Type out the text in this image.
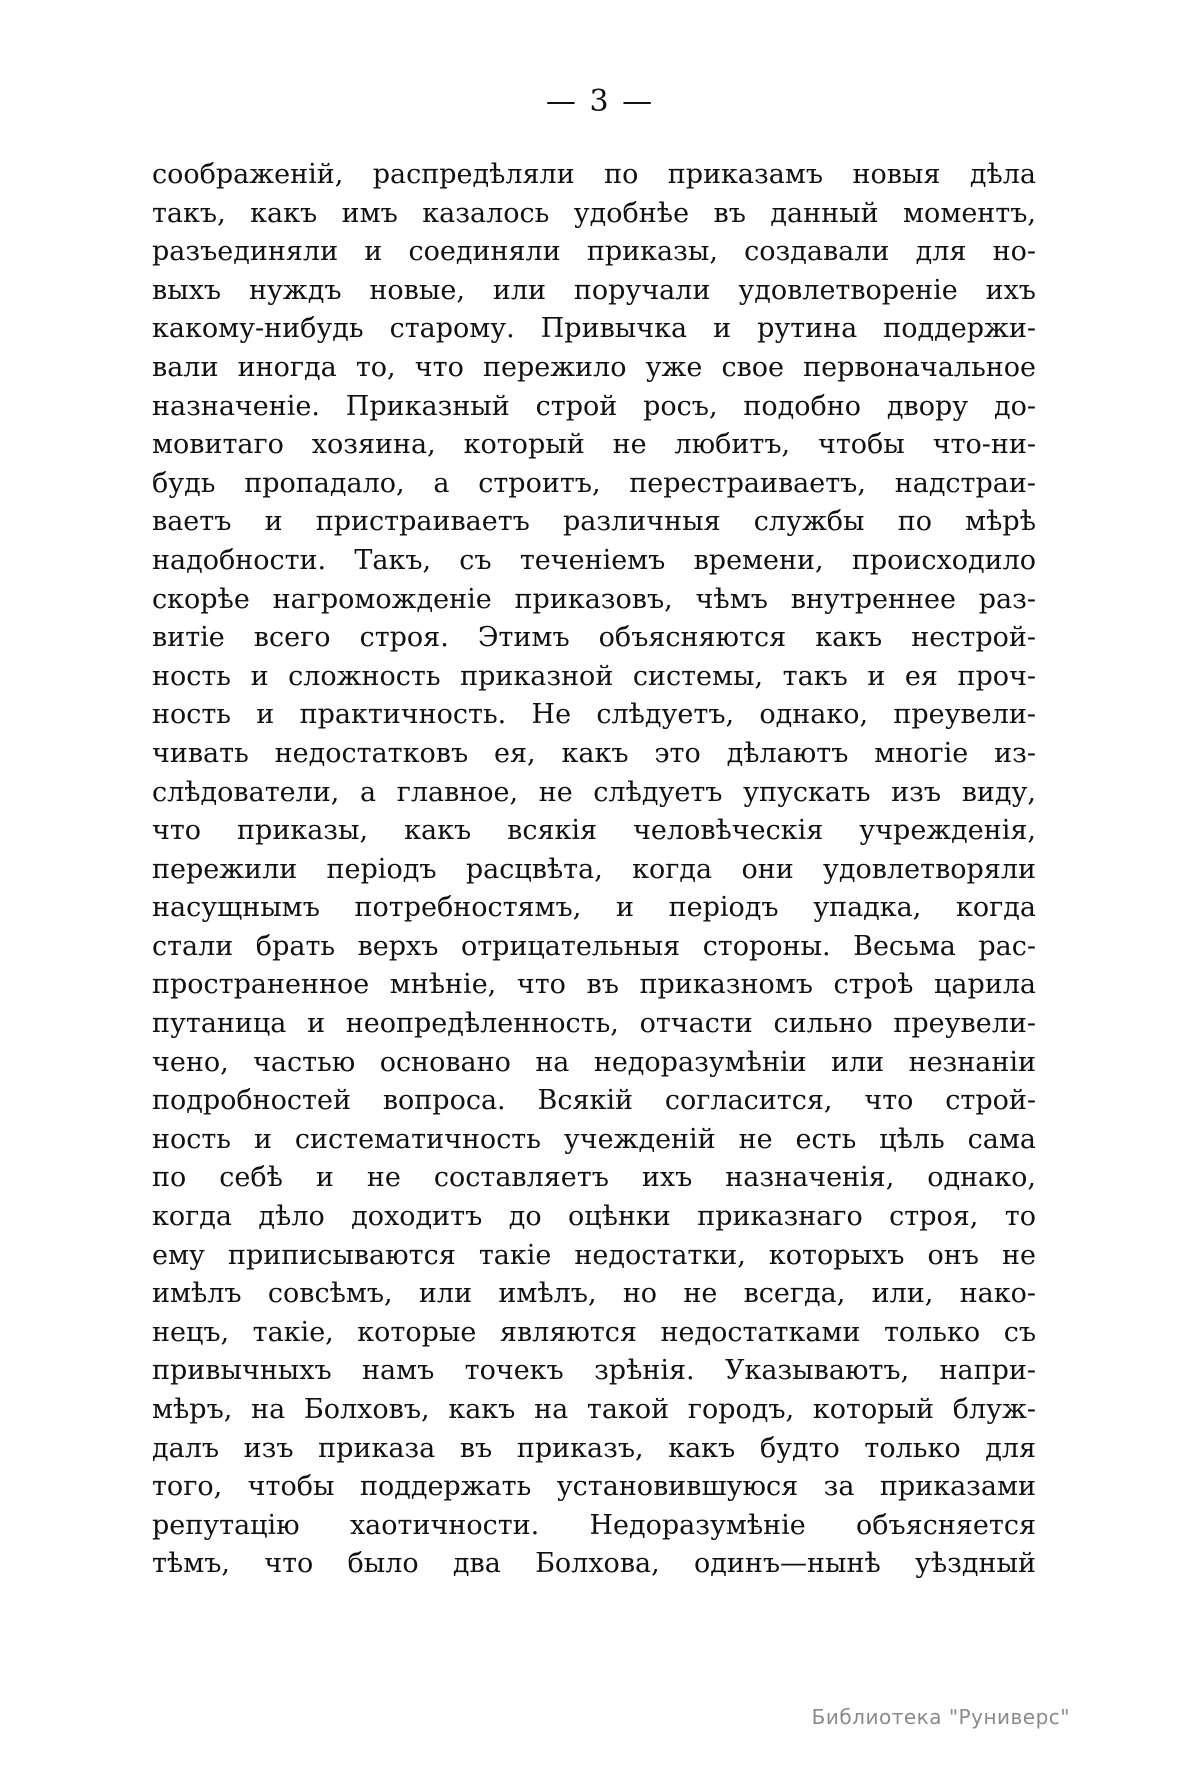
— 3 —
соображеній, распредѣляли по приказамъ новыя дѣла
такъ, какъ имъ казалось удобнѣе въ данный моментъ,
разъединяли и соединяли приказы, создавали для но-
выхъ нуждъ новые, или поручали удовлетвореніе ихъ
какому-нибудь старому. Привычка и рутина поддержи-
вали иногда то, что пережило уже свое первоначальное
назначеніе. Приказный строй росъ, подобно двору до-
мовитаго хозяина, который не любитъ, чтобы что-ни-
будь пропадало, а строитъ, перестраиваетъ, надстраи-
ваетъ и пристраиваетъ различныя службы по мѣрѣ
надобности. Такъ, съ теченіемъ времени, происходило
скорѣе нагроможденіе приказовъ, чѣмъ внутреннее раз-
витіе всего строя. Этимъ объясняются какъ нестрой-
ность и сложность приказной системы, такъ и ея проч-
ность и практичность. Не слѣдуетъ, однако, преувели-
чивать недостатковъ ея, какъ это дѣлаютъ многіе из-
слѣдователи, а главное, не слѣдуетъ упускать изъ виду,
что приказы, какъ всякія человѣческія учрежденія,
пережили періодъ расцвѣта, когда они удовлетворяли
насущнымъ потребностямъ, и періодъ упадка, когда
стали брать верхъ отрицательныя стороны. Весьма рас-
пространенное мнѣніе, что въ приказномъ строѣ царила
путаница и неопредѣленность, отчасти сильно преувели-
чено, частью основано на недоразумѣніи или незнаніи
подробностей вопроса. Всякій согласится, что строй-
ность и систематичность учежденій не есть цѣль сама
по себѣ и не составляетъ ихъ назначенія, однако,
когда дѣло доходитъ до оцѣнки приказнаго строя, то
ему приписываются такіе недостатки, которыхъ онъ не
имѣлъ совсѣмъ, или имѣлъ, но не всегда, или, нако-
нецъ, такіе, которые являются недостатками только съ
привычныхъ намъ точекъ зрѣнія. Указываютъ, напри-
мѣръ, на Болховъ, какъ на такой городъ, который блуж-
далъ изъ приказа въ приказъ, какъ будто только для
того, чтобы поддержать установившуюся за приказами
репутацію хаотичности. Недоразумѣніе объясняется
тѣмъ, что было два Болхова, одинъ—нынѣ уѣздный
Библиотека "Руниверс"
